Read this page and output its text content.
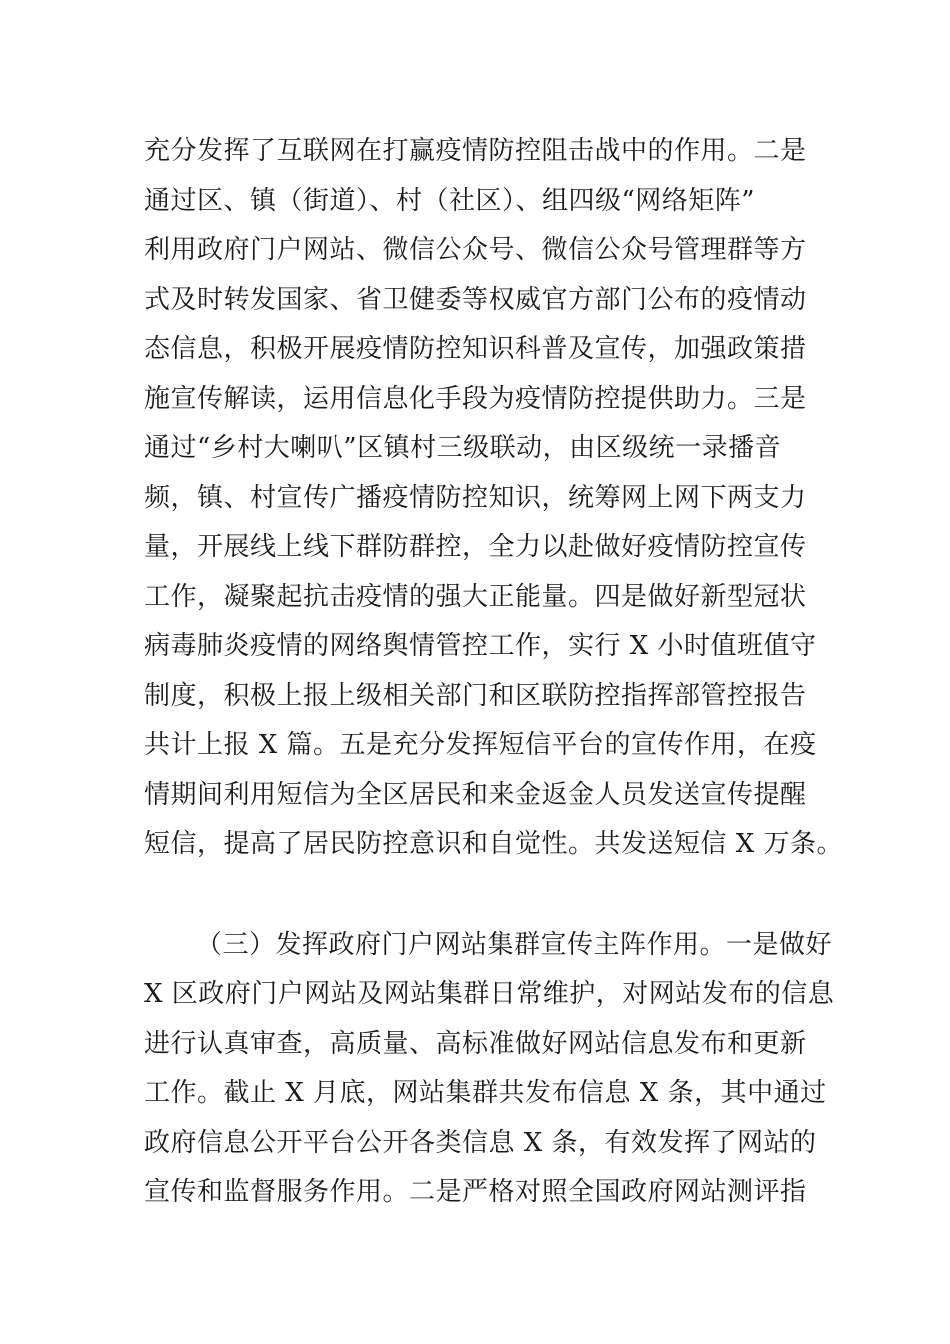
充分发挥了互联网在打赢疫情防控阻击战中的作用。二是
通过区、镇（街道）、村（社区）、组四级“网络矩阵”
利用政府门户网站、微信公众号、微信公众号管理群等方
式及时转发国家、省卫健委等权威官方部门公布的疫情动
态信息，积极开展疫情防控知识科普及宣传，加强政策措
施宣传解读，运用信息化手段为疫情防控提供助力。三是
通过“乡村大喇叭”区镇村三级联动，由区级统一录播音
频，镇、村宣传广播疫情防控知识，统筹网上网下两支力
量，开展线上线下群防群控，全力以赴做好疫情防控宣传
工作，凝聚起抗击疫情的强大正能量。四是做好新型冠状
病毒肺炎疫情的网络舆情管控工作，实行 X 小时值班值守
制度，积极上报上级相关部门和区联防控指挥部管控报告
共计上报 X 篇。五是充分发挥短信平台的宣传作用，在疫
情期间利用短信为全区居民和来金返金人员发送宣传提醒
短信，提高了居民防控意识和自觉性。共发送短信 X 万条。
（三）发挥政府门户网站集群宣传主阵作用。一是做好
X 区政府门户网站及网站集群日常维护，对网站发布的信息
进行认真审查，高质量、高标准做好网站信息发布和更新
工作。截止 X 月底，网站集群共发布信息 X 条，其中通过
政府信息公开平台公开各类信息 X 条，有效发挥了网站的
宣传和监督服务作用。二是严格对照全国政府网站测评指
